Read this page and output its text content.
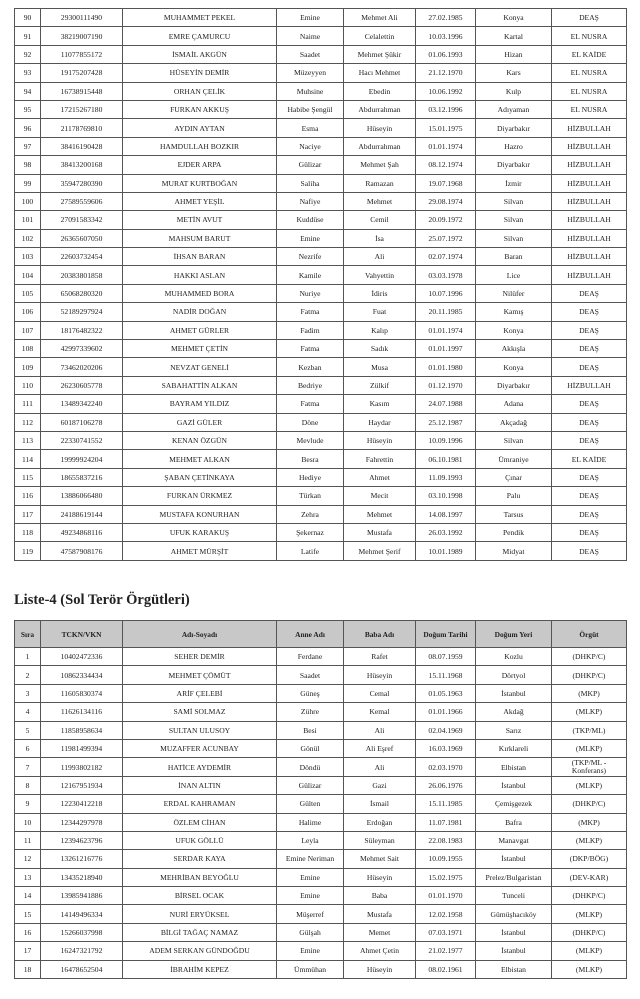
90	29300111490	MUHAMMET PEKEL	Emine	Mehmet Ali	27.02.1985	Konya	DEAŞ
91	38219007190	EMRE ÇAMURCU	Naime	Celalettin	10.03.1996	Kartal	EL NUSRA
92	11077855172	İSMAİL AKGÜN	Saadet	Mehmet Şükir	01.06.1993	Hizan	EL KAİDE
93	19175207428	HÜSEYİN DEMİR	Müzeyyen	Hacı Mehmet	21.12.1970	Kars	EL NUSRA
94	16738915448	ORHAN ÇELİK	Muhsine	Ebedin	10.06.1992	Kulp	EL NUSRA
95	17215267180	FURKAN AKKUŞ	Habibe Şengül	Abdurrahman	03.12.1996	Adıyaman	EL NUSRA
96	21178769810	AYDIN AYTAN	Esma	Hüseyin	15.01.1975	Diyarbakır	HİZBULLAH
97	38416190428	HAMDULLAH BOZKIR	Naciye	Abdurrahman	01.01.1974	Hazro	HİZBULLAH
98	38413200168	EJDER ARPA	Gülizar	Mehmet Şah	08.12.1974	Diyarbakır	HİZBULLAH
99	35947280390	MURAT KURTBOĞAN	Saliha	Ramazan	19.07.1968	İzmir	HİZBULLAH
100	27589559606	AHMET YEŞİL	Nafiye	Mehmet	29.08.1974	Silvan	HİZBULLAH
101	27091583342	METİN AVUT	Kuddüse	Cemil	20.09.1972	Silvan	HİZBULLAH
102	26365607050	MAHSUM BARUT	Emine	İsa	25.07.1972	Silvan	HİZBULLAH
103	22603732454	İHSAN BARAN	Nezrife	Ali	02.07.1974	Baran	HİZBULLAH
104	20383801858	HAKKI ASLAN	Kamile	Vahyettin	03.03.1978	Lice	HİZBULLAH
105	65068280320	MUHAMMED BORA	Nuriye	İdiris	10.07.1996	Nilüfer	DEAŞ
106	52189297924	NADİR DOĞAN	Fatma	Fuat	20.11.1985	Kamış	DEAŞ
107	18176482322	AHMET GÜRLER	Fadim	Kalıp	01.01.1974	Konya	DEAŞ
108	42997339602	MEHMET ÇETİN	Fatma	Sadık	01.01.1997	Akkışla	DEAŞ
109	73462020206	NEVZAT GENELİ	Kezban	Musa	01.01.1980	Konya	DEAŞ
110	26230605778	SABAHATTİN ALKAN	Bedriye	Zülkif	01.12.1970	Diyarbakır	HİZBULLAH
111	13489342240	BAYRAM YILDIZ	Fatma	Kasım	24.07.1988	Adana	DEAŞ
112	60187106278	GAZİ GÜLER	Döne	Haydar	25.12.1987	Akçadağ	DEAŞ
113	22330741552	KENAN ÖZGÜN	Mevlude	Hüseyin	10.09.1996	Silvan	DEAŞ
114	19999924204	MEHMET ALKAN	Besra	Fahrettin	06.10.1981	Ümraniye	EL KAİDE
115	18655837216	ŞABAN ÇETİNKAYA	Hediye	Ahmet	11.09.1993	Çınar	DEAŞ
116	13886066480	FURKAN ÜRKMEZ	Türkan	Mecit	03.10.1998	Palu	DEAŞ
117	24188619144	MUSTAFA KONURHAN	Zehra	Mehmet	14.08.1997	Tarsus	DEAŞ
118	49234868116	UFUK KARAKUŞ	Şekernaz	Mustafa	26.03.1992	Pendik	DEAŞ
119	47587908176	AHMET MÜRŞİT	Latife	Mehmet Şerif	10.01.1989	Midyat	DEAŞ
Liste-4 (Sol Terör Örgütleri)
Sıra	TCKN/VKN	Adı-Soyadı	Anne Adı	Baba Adı	Doğum Tarihi	Doğum Yeri	Örgüt
1	10402472336	SEHER DEMİR	Ferdane	Rafet	08.07.1959	Kozlu	(DHKP/C)
2	10862334434	MEHMET ÇÖMÜT	Saadet	Hüseyin	15.11.1968	Dörtyol	(DHKP/C)
3	11605830374	ARİF ÇELEBİ	Güneş	Cemal	01.05.1963	İstanbul	(MKP)
4	11626134116	SAMİ SOLMAZ	Zühre	Kemal	01.01.1966	Akdağ	(MLKP)
5	11858958634	SULTAN ULUSOY	Besi	Ali	02.04.1969	Sarız	(TKP/ML)
6	11981499394	MUZAFFER ACUNBAY	Gönül	Ali Eşref	16.03.1969	Kırklareli	(MLKP)
7	11993802182	HATİCE AYDEMİR	Döndü	Ali	02.03.1970	Elbistan	(TKP/ML - Konferans)
8	12167951934	İNAN ALTIN	Gülizar	Gazi	26.06.1976	İstanbul	(MLKP)
9	12230412218	ERDAL KAHRAMAN	Gülten	İsmail	15.11.1985	Çemişgezek	(DHKP/C)
10	12344297978	ÖZLEM CİHAN	Halime	Erdoğan	11.07.1981	Bafra	(MKP)
11	12394623796	UFUK GÖLLÜ	Leyla	Süleyman	22.08.1983	Manavgat	(MLKP)
12	13261216776	SERDAR KAYA	Emine Neriman	Mehmet Sait	10.09.1955	İstanbul	(DKP/BÖG)
13	13435218940	MEHRİBAN BEYOĞLU	Emine	Hüseyin	15.02.1975	Prelez/Bulgaristan	(DEV-KAR)
14	13985941886	BİRSEL OCAK	Emine	Baba	01.01.1970	Tunceli	(DHKP/C)
15	14149496334	NURİ ERYÜKSEL	Müşerref	Mustafa	12.02.1958	Gümüşhacıköy	(MLKP)
16	15266037998	BİLGİ TAĞAÇ NAMAZ	Gülşah	Memet	07.03.1971	İstanbul	(DHKP/C)
17	16247321792	ADEM SERKAN GÜNDOĞDU	Emine	Ahmet Çetin	21.02.1977	İstanbul	(MLKP)
18	16478652504	İBRAHİM KEPEZ	Ümmühan	Hüseyin	08.02.1961	Elbistan	(MLKP)
